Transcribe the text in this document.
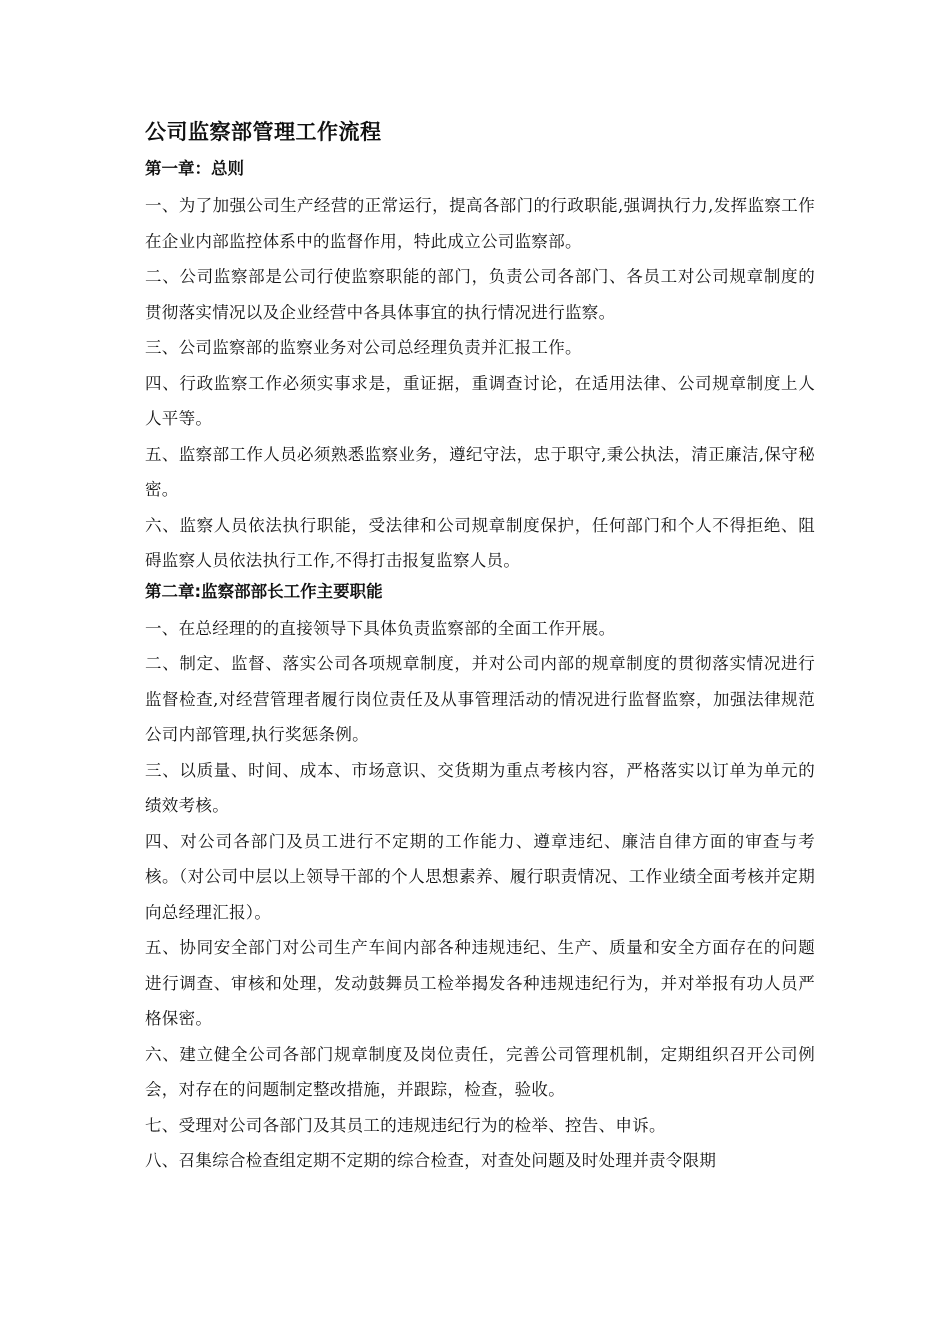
公司监察部管理工作流程
第一章：总则

一、为了加强公司生产经营的正常运行，提高各部门的行政职能,强调执行力,发挥监察工作在企业内部监控体系中的监督作用，特此成立公司监察部。

二、公司监察部是公司行使监察职能的部门，负责公司各部门、各员工对公司规章制度的贯彻落实情况以及企业经营中各具体事宜的执行情况进行监察。

三、公司监察部的监察业务对公司总经理负责并汇报工作。

四、行政监察工作必须实事求是，重证据，重调查讨论，在适用法律、公司规章制度上人人平等。

五、监察部工作人员必须熟悉监察业务，遵纪守法，忠于职守,秉公执法，清正廉洁,保守秘密。

六、监察人员依法执行职能，受法律和公司规章制度保护，任何部门和个人不得拒绝、阻碍监察人员依法执行工作,不得打击报复监察人员。

第二章:监察部部长工作主要职能

一、在总经理的的直接领导下具体负责监察部的全面工作开展。

二、制定、监督、落实公司各项规章制度，并对公司内部的规章制度的贯彻落实情况进行监督检查,对经营管理者履行岗位责任及从事管理活动的情况进行监督监察，加强法律规范公司内部管理,执行奖惩条例。

三、以质量、时间、成本、市场意识、交货期为重点考核内容，严格落实以订单为单元的绩效考核。

四、对公司各部门及员工进行不定期的工作能力、遵章违纪、廉洁自律方面的审查与考核。（对公司中层以上领导干部的个人思想素养、履行职责情况、工作业绩全面考核并定期向总经理汇报）。

五、协同安全部门对公司生产车间内部各种违规违纪、生产、质量和安全方面存在的问题进行调查、审核和处理，发动鼓舞员工检举揭发各种违规违纪行为，并对举报有功人员严格保密。

六、建立健全公司各部门规章制度及岗位责任，完善公司管理机制，定期组织召开公司例会，对存在的问题制定整改措施，并跟踪，检查，验收。

七、受理对公司各部门及其员工的违规违纪行为的检举、控告、申诉。

八、召集综合检查组定期不定期的综合检查，对查处问题及时处理并责令限期
